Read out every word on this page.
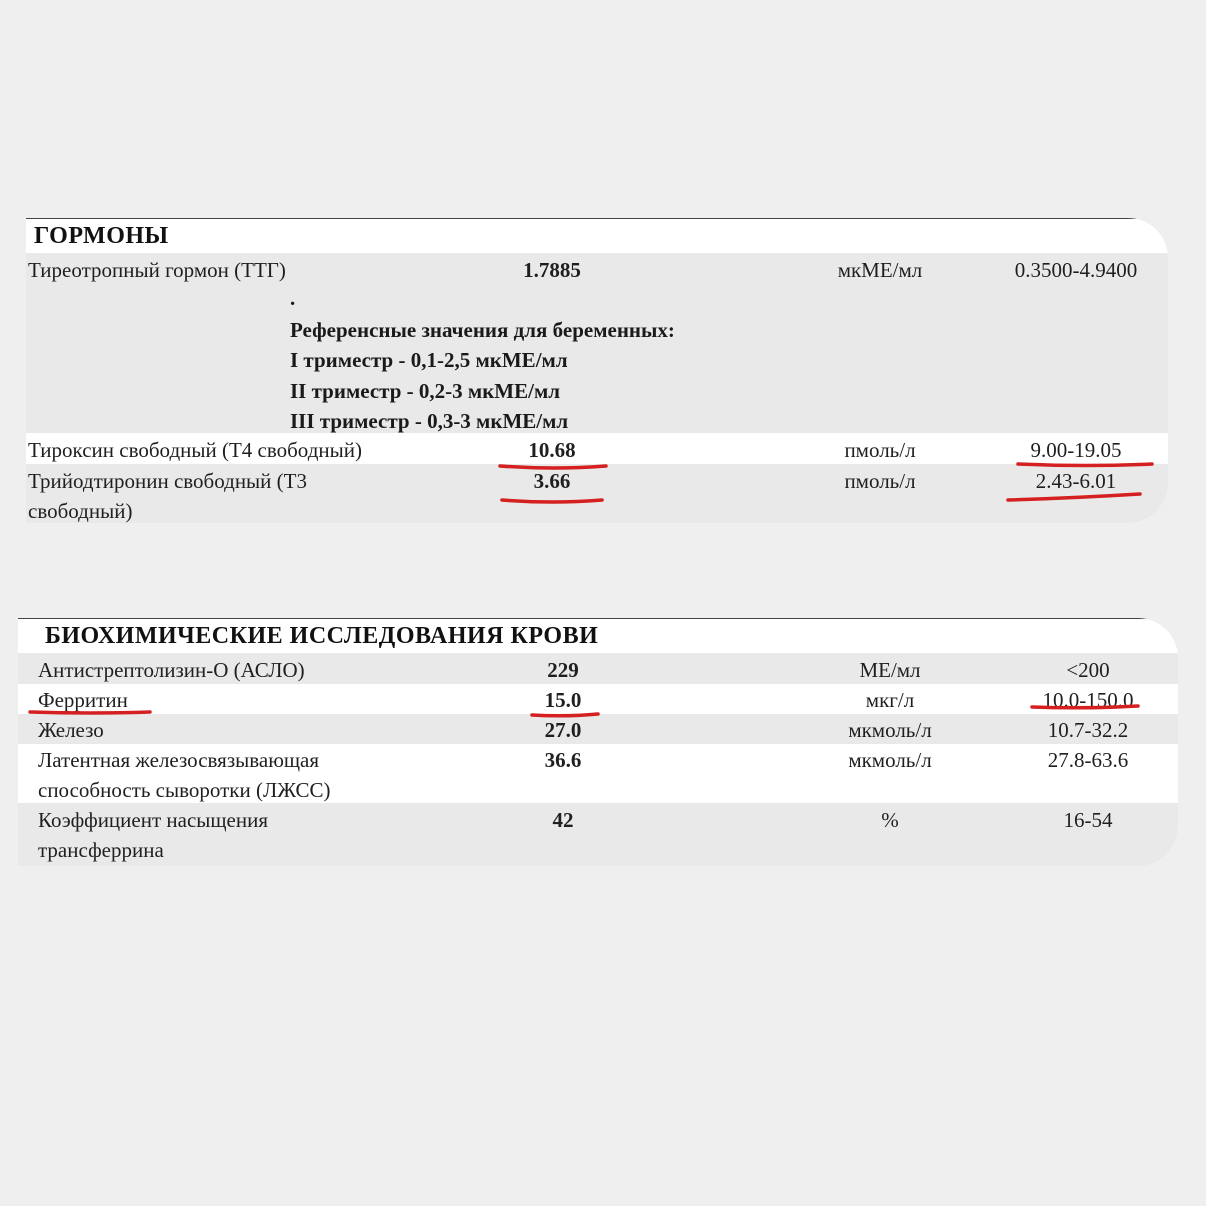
ГОРМОНЫ
Тиреотропный гормон (ТТГ)	1.7885	мкМЕ/мл	0.3500-4.9400
.
Референсные значения для беременных:
I триместр - 0,1-2,5 мкМЕ/мл
II триместр - 0,2-3 мкМЕ/мл
III триместр - 0,3-3 мкМЕ/мл
Тироксин свободный (Т4 свободный)	10.68	пмоль/л	9.00-19.05
Трийодтиронин свободный (Т3
свободный)
3.66	пмоль/л	2.43-6.01
БИОХИМИЧЕСКИЕ ИССЛЕДОВАНИЯ КРОВИ
Антистрептолизин-О (АСЛО)	229	МЕ/мл	<200
Ферритин	15.0	мкг/л	10.0-150.0
Железо	27.0	мкмоль/л	10.7-32.2
Латентная железосвязывающая
способность сыворотки (ЛЖСС)
36.6	мкмоль/л	27.8-63.6
Коэффициент насыщения
трансферрина
42	%	16-54
